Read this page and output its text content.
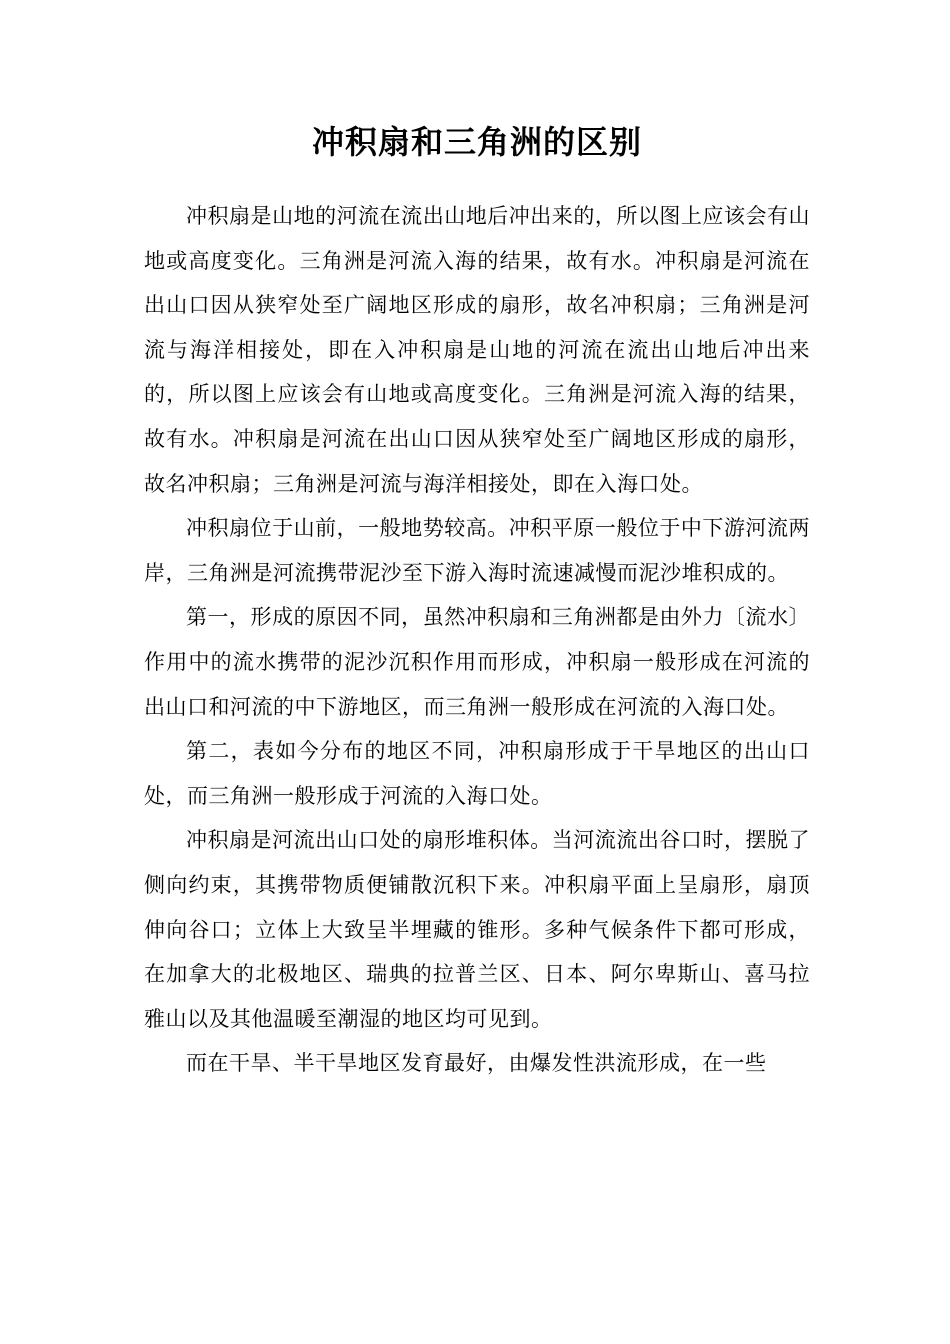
冲积扇和三角洲的区别

冲积扇是山地的河流在流出山地后冲出来的，所以图上应该会有山地或高度变化。三角洲是河流入海的结果，故有水。冲积扇是河流在出山口因从狭窄处至广阔地区形成的扇形，故名冲积扇；三角洲是河流与海洋相接处，即在入冲积扇是山地的河流在流出山地后冲出来的，所以图上应该会有山地或高度变化。三角洲是河流入海的结果，故有水。冲积扇是河流在出山口因从狭窄处至广阔地区形成的扇形，故名冲积扇；三角洲是河流与海洋相接处，即在入海口处。

冲积扇位于山前，一般地势较高。冲积平原一般位于中下游河流两岸，三角洲是河流携带泥沙至下游入海时流速减慢而泥沙堆积成的。

第一，形成的原因不同，虽然冲积扇和三角洲都是由外力〔流水〕作用中的流水携带的泥沙沉积作用而形成，冲积扇一般形成在河流的出山口和河流的中下游地区，而三角洲一般形成在河流的入海口处。

第二，表如今分布的地区不同，冲积扇形成于干旱地区的出山口处，而三角洲一般形成于河流的入海口处。

冲积扇是河流出山口处的扇形堆积体。当河流流出谷口时，摆脱了侧向约束，其携带物质便铺散沉积下来。冲积扇平面上呈扇形，扇顶伸向谷口；立体上大致呈半埋藏的锥形。多种气候条件下都可形成，在加拿大的北极地区、瑞典的拉普兰区、日本、阿尔卑斯山、喜马拉雅山以及其他温暖至潮湿的地区均可见到。

而在干旱、半干旱地区发育最好，由爆发性洪流形成，在一些
